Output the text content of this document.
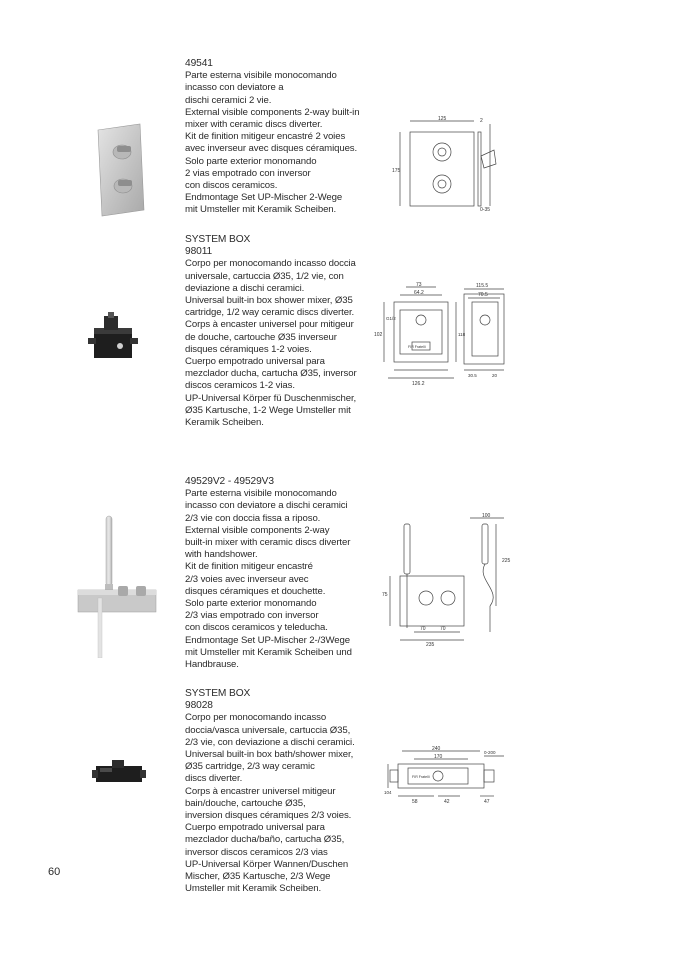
49541
Parte esterna visibile monocomando
incasso con deviatore a
dischi ceramici 2 vie.
External visible components 2-way built-in
mixer with ceramic discs diverter.
Kit de finition mitigeur encastré 2 voies
avec inverseur avec disques céramiques.
Solo parte exterior monomando
2 vias empotrado con inversor
con discos ceramicos.
Endmontage Set UP-Mischer 2-Wege
mit Umsteller mit Keramik Scheiben.
125	2
175
0-35
SYSTEM BOX
98011
Corpo per monocomando incasso doccia
universale, cartuccia Ø35, 1/2 vie, con
deviazione a dischi ceramici.
Universal built-in box shower mixer, Ø35
cartridge, 1/2 way ceramic discs diverter.
Corps à encaster universel pour mitigeur
de douche, cartouche Ø35 inverseur
disques céramiques 1-2 voies.
Cuerpo empotrado universal para
mezclador ducha, cartucha Ø35, inversor
discos ceramicos 1-2 vias.
UP-Universal Körper fü Duschenmischer,
Ø35 Kartusche, 1-2 Wege Umsteller mit
Keramik Scheiben.
73
64.2
G1/2
102	118
126.2
115.5
70.5
30.5	20
FIR Fratelli
49529V2 - 49529V3
Parte esterna visibile monocomando
incasso con deviatore a dischi ceramici
2/3 vie con doccia fissa a riposo.
External visible components 2-way
built-in mixer with ceramic discs diverter
with handshower.
Kit de finition mitigeur encastré
2/3 voies avec inverseur avec
disques céramiques et douchette.
Solo parte exterior monomando
2/3 vias empotrado con inversor
con discos ceramicos y teleducha.
Endmontage Set UP-Mischer 2-/3Wege
mit Umsteller mit Keramik Scheiben und
Handbrause.
100
225
75
70	70
235
SYSTEM BOX
98028
Corpo per monocomando incasso
doccia/vasca universale, cartuccia Ø35,
2/3 vie, con deviazione a dischi ceramici.
Universal built-in box bath/shower mixer,
Ø35 cartridge, 2/3 way ceramic
discs diverter.
Corps à encastrer universel mitigeur
bain/douche, cartouche Ø35,
inversion disques céramiques 2/3 voies.
Cuerpo empotrado universal para
mezclador ducha/baño, cartucha Ø35,
inversor discos ceramicos 2/3 vias
UP-Universal Körper Wannen/Duschen
Mischer, Ø35 Kartusche, 2/3 Wege
Umsteller mit Keramik Scheiben.
240
170
0-200
104
58	42	47
FIR Fratelli
60
